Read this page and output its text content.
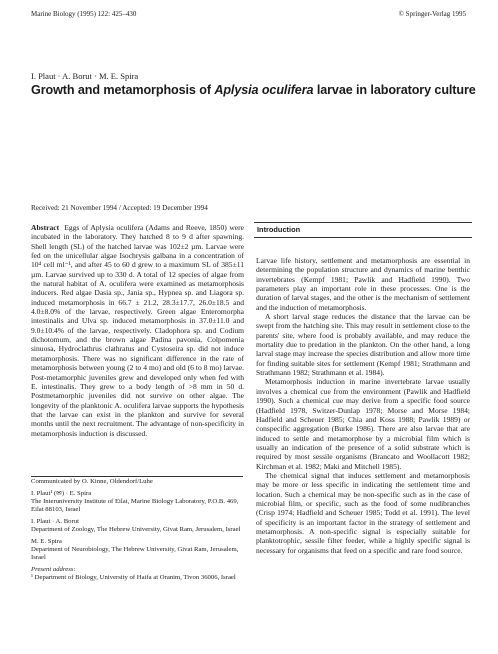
Marine Biology (1995) 122: 425–430	© Springer-Verlag 1995
I. Plaut · A. Borut · M. E. Spira
Growth and metamorphosis of Aplysia oculifera larvae in laboratory culture
Received: 21 November 1994 / Accepted: 19 December 1994

Abstract Eggs of Aplysia oculifera (Adams and Reeve, 1850) were incubated in the laboratory. They hatched 8 to 9 d after spawning. Shell length (SL) of the hatched larvae was 102±2 µm. Larvae were fed on the unicellular algae Isochrysis galbana in a concentration of 10⁴ cell ml⁻¹, and after 45 to 60 d grew to a maximum SL of 385±11 µm. Larvae survived up to 330 d. A total of 12 species of algae from the natural habitat of A. oculifera were examined as metamorphosis inducers. Red algae Dasia sp., Jania sp., Hypnea sp. and Liagora sp. induced metamorphosis in 66.7 ± 21.2, 28.3±17.7, 26.0±18.5 and 4.0±8.0% of the larvae, respectively. Green algae Enteromorpha intestinalis and Ulva sp. induced metamorphosis in 37.0±11.0 and 9.0±10.4% of the larvae, respectively. Cladophora sp. and Codium dichotomum, and the brown algae Padina pavonia, Colpomenia sinuosa, Hydroclathrus clathratus and Cystoseira sp. did not induce metamorphosis. There was no significant difference in the rate of metamorphosis between young (2 to 4 mo) and old (6 to 8 mo) larvae. Post-metamorphic juveniles grew and developed only when fed with E. intestinalis. They grew to a body length of >8 mm in 50 d. Postmetamorphic juveniles did not survive on other algae. The longevity of the planktonic A. oculifera larvae supports the hypothesis that the larvae can exist in the plankton and survive for several months until the next recruitment. The advantage of non-specificity in metamorphosis induction is discussed.

Communicated by O. Kinne, Oldendorf/Luhe

I. Plaut¹ (✉) · E. Spira

The Interuniversity Institute of Eilat, Marine Biology Laboratory, P.O.B. 469, Eilat 88103, Israel

I. Plaut · A. Borut

Department of Zoology, The Hebrew University, Givat Ram, Jerusalem, Israel

M. E. Spira

Department of Neurobiology, The Hebrew University, Givat Ram, Jerusalem, Israel

Present address:

¹ Department of Biology, University of Haifa at Oranim, Tivon 36006, Israel

Introduction

Larvae life history, settlement and metamorphosis are essential in determining the population structure and dynamics of marine benthic invertebrates (Kempf 1981; Pawlik and Hadfield 1990). Two parameters play an important role in these processes. One is the duration of larval stages, and the other is the mechanism of settlement and the induction of metamorphosis.

A short larval stage reduces the distance that the larvae can be swept from the hatching site. This may result in settlement close to the parents' site, where food is probably available, and may reduce the mortality due to predation in the plankton. On the other hand, a long larval stage may increase the species distribution and allow more time for finding suitable sites for settlement (Kempf 1981; Strathmann and Strathmann 1982; Strathmann et al. 1984).

Metamorphosis induction in marine invertebrate larvae usually involves a chemical cue from the environment (Pawlik and Hadfield 1990). Such a chemical cue may derive from a specific food source (Hadfield 1978, Switzer-Dunlap 1978; Morse and Morse 1984; Hadfield and Scheuer 1985; Chia and Koss 1988; Pawlik 1989) or conspecific aggregation (Burke 1986). There are also larvae that are induced to settle and metamorphose by a microbial film which is usually an indication of the presence of a solid substrate which is required by most sessile organisms (Brancato and Woollacott 1982; Kirchman et al. 1982; Maki and Mitchell 1985).

The chemical signal that induces settlement and metamorphosis may be more or less specific in indicating the settlement time and location. Such a chemical may be non-specific such as in the case of microbial film, or specific, such as the food of some nudibranches (Crisp 1974; Hadfield and Scheuer 1985; Todd et al. 1991). The level of specificity is an important factor in the strategy of settlement and metamorphosis. A non-specific signal is especially suitable for planktotrophic, sessile filter feeder, while a highly specific signal is necessary for organisms that feed on a specific and rare food source.
